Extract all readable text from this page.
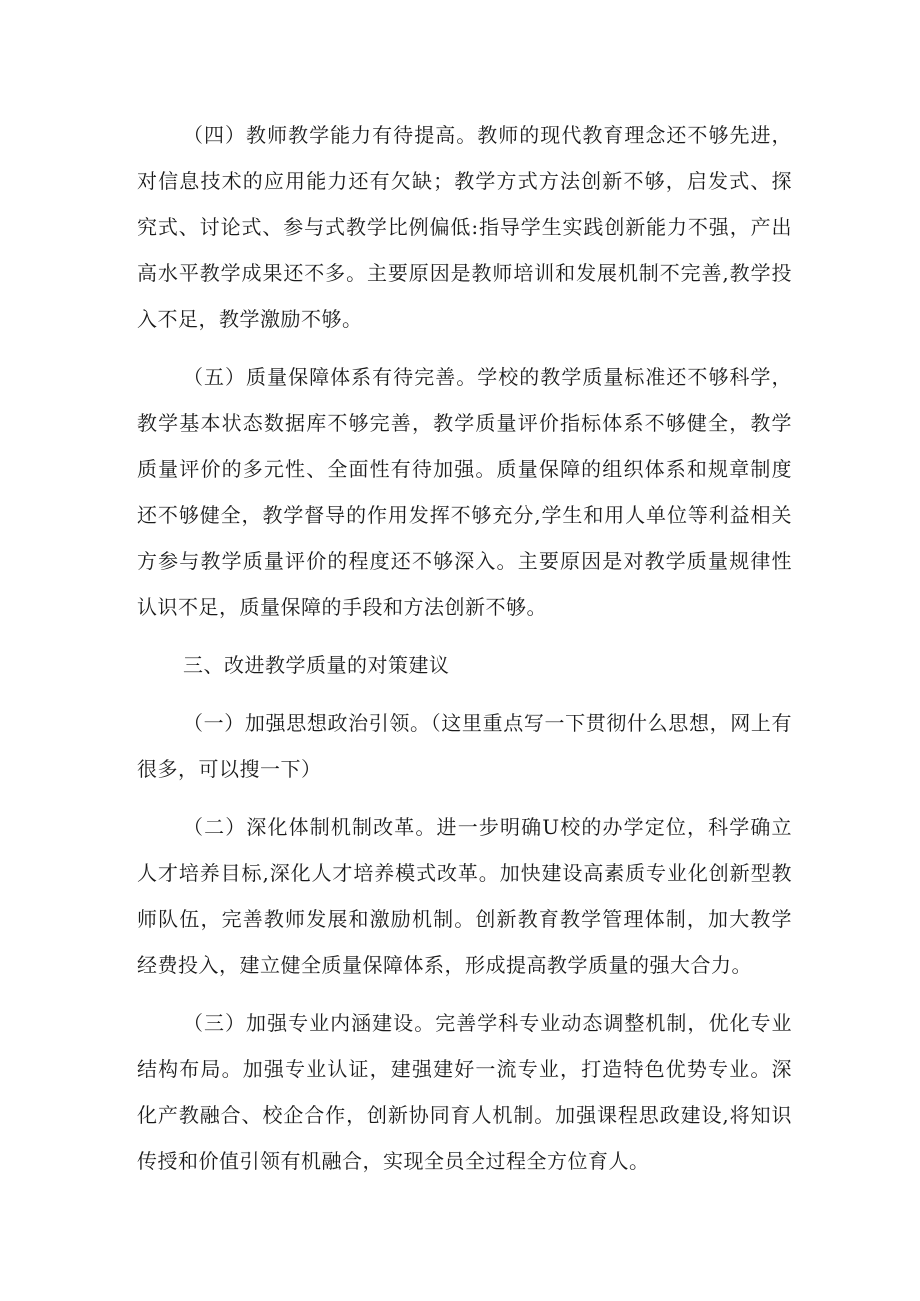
（四）教师教学能力有待提高。教师的现代教育理念还不够先进，对信息技术的应用能力还有欠缺；教学方式方法创新不够，启发式、探究式、讨论式、参与式教学比例偏低:指导学生实践创新能力不强，产出高水平教学成果还不多。主要原因是教师培训和发展机制不完善,教学投入不足，教学激励不够。

（五）质量保障体系有待完善。学校的教学质量标准还不够科学，教学基本状态数据库不够完善，教学质量评价指标体系不够健全，教学质量评价的多元性、全面性有待加强。质量保障的组织体系和规章制度还不够健全，教学督导的作用发挥不够充分,学生和用人单位等利益相关方参与教学质量评价的程度还不够深入。主要原因是对教学质量规律性认识不足，质量保障的手段和方法创新不够。

三、改进教学质量的对策建议

（一）加强思想政治引领。（这里重点写一下贯彻什么思想，网上有很多，可以搜一下）

（二）深化体制机制改革。进一步明确U校的办学定位，科学确立人才培养目标,深化人才培养模式改革。加快建设高素质专业化创新型教师队伍，完善教师发展和激励机制。创新教育教学管理体制，加大教学经费投入，建立健全质量保障体系，形成提高教学质量的强大合力。

（三）加强专业内涵建设。完善学科专业动态调整机制，优化专业结构布局。加强专业认证，建强建好一流专业，打造特色优势专业。深化产教融合、校企合作，创新协同育人机制。加强课程思政建设,将知识传授和价值引领有机融合，实现全员全过程全方位育人。
